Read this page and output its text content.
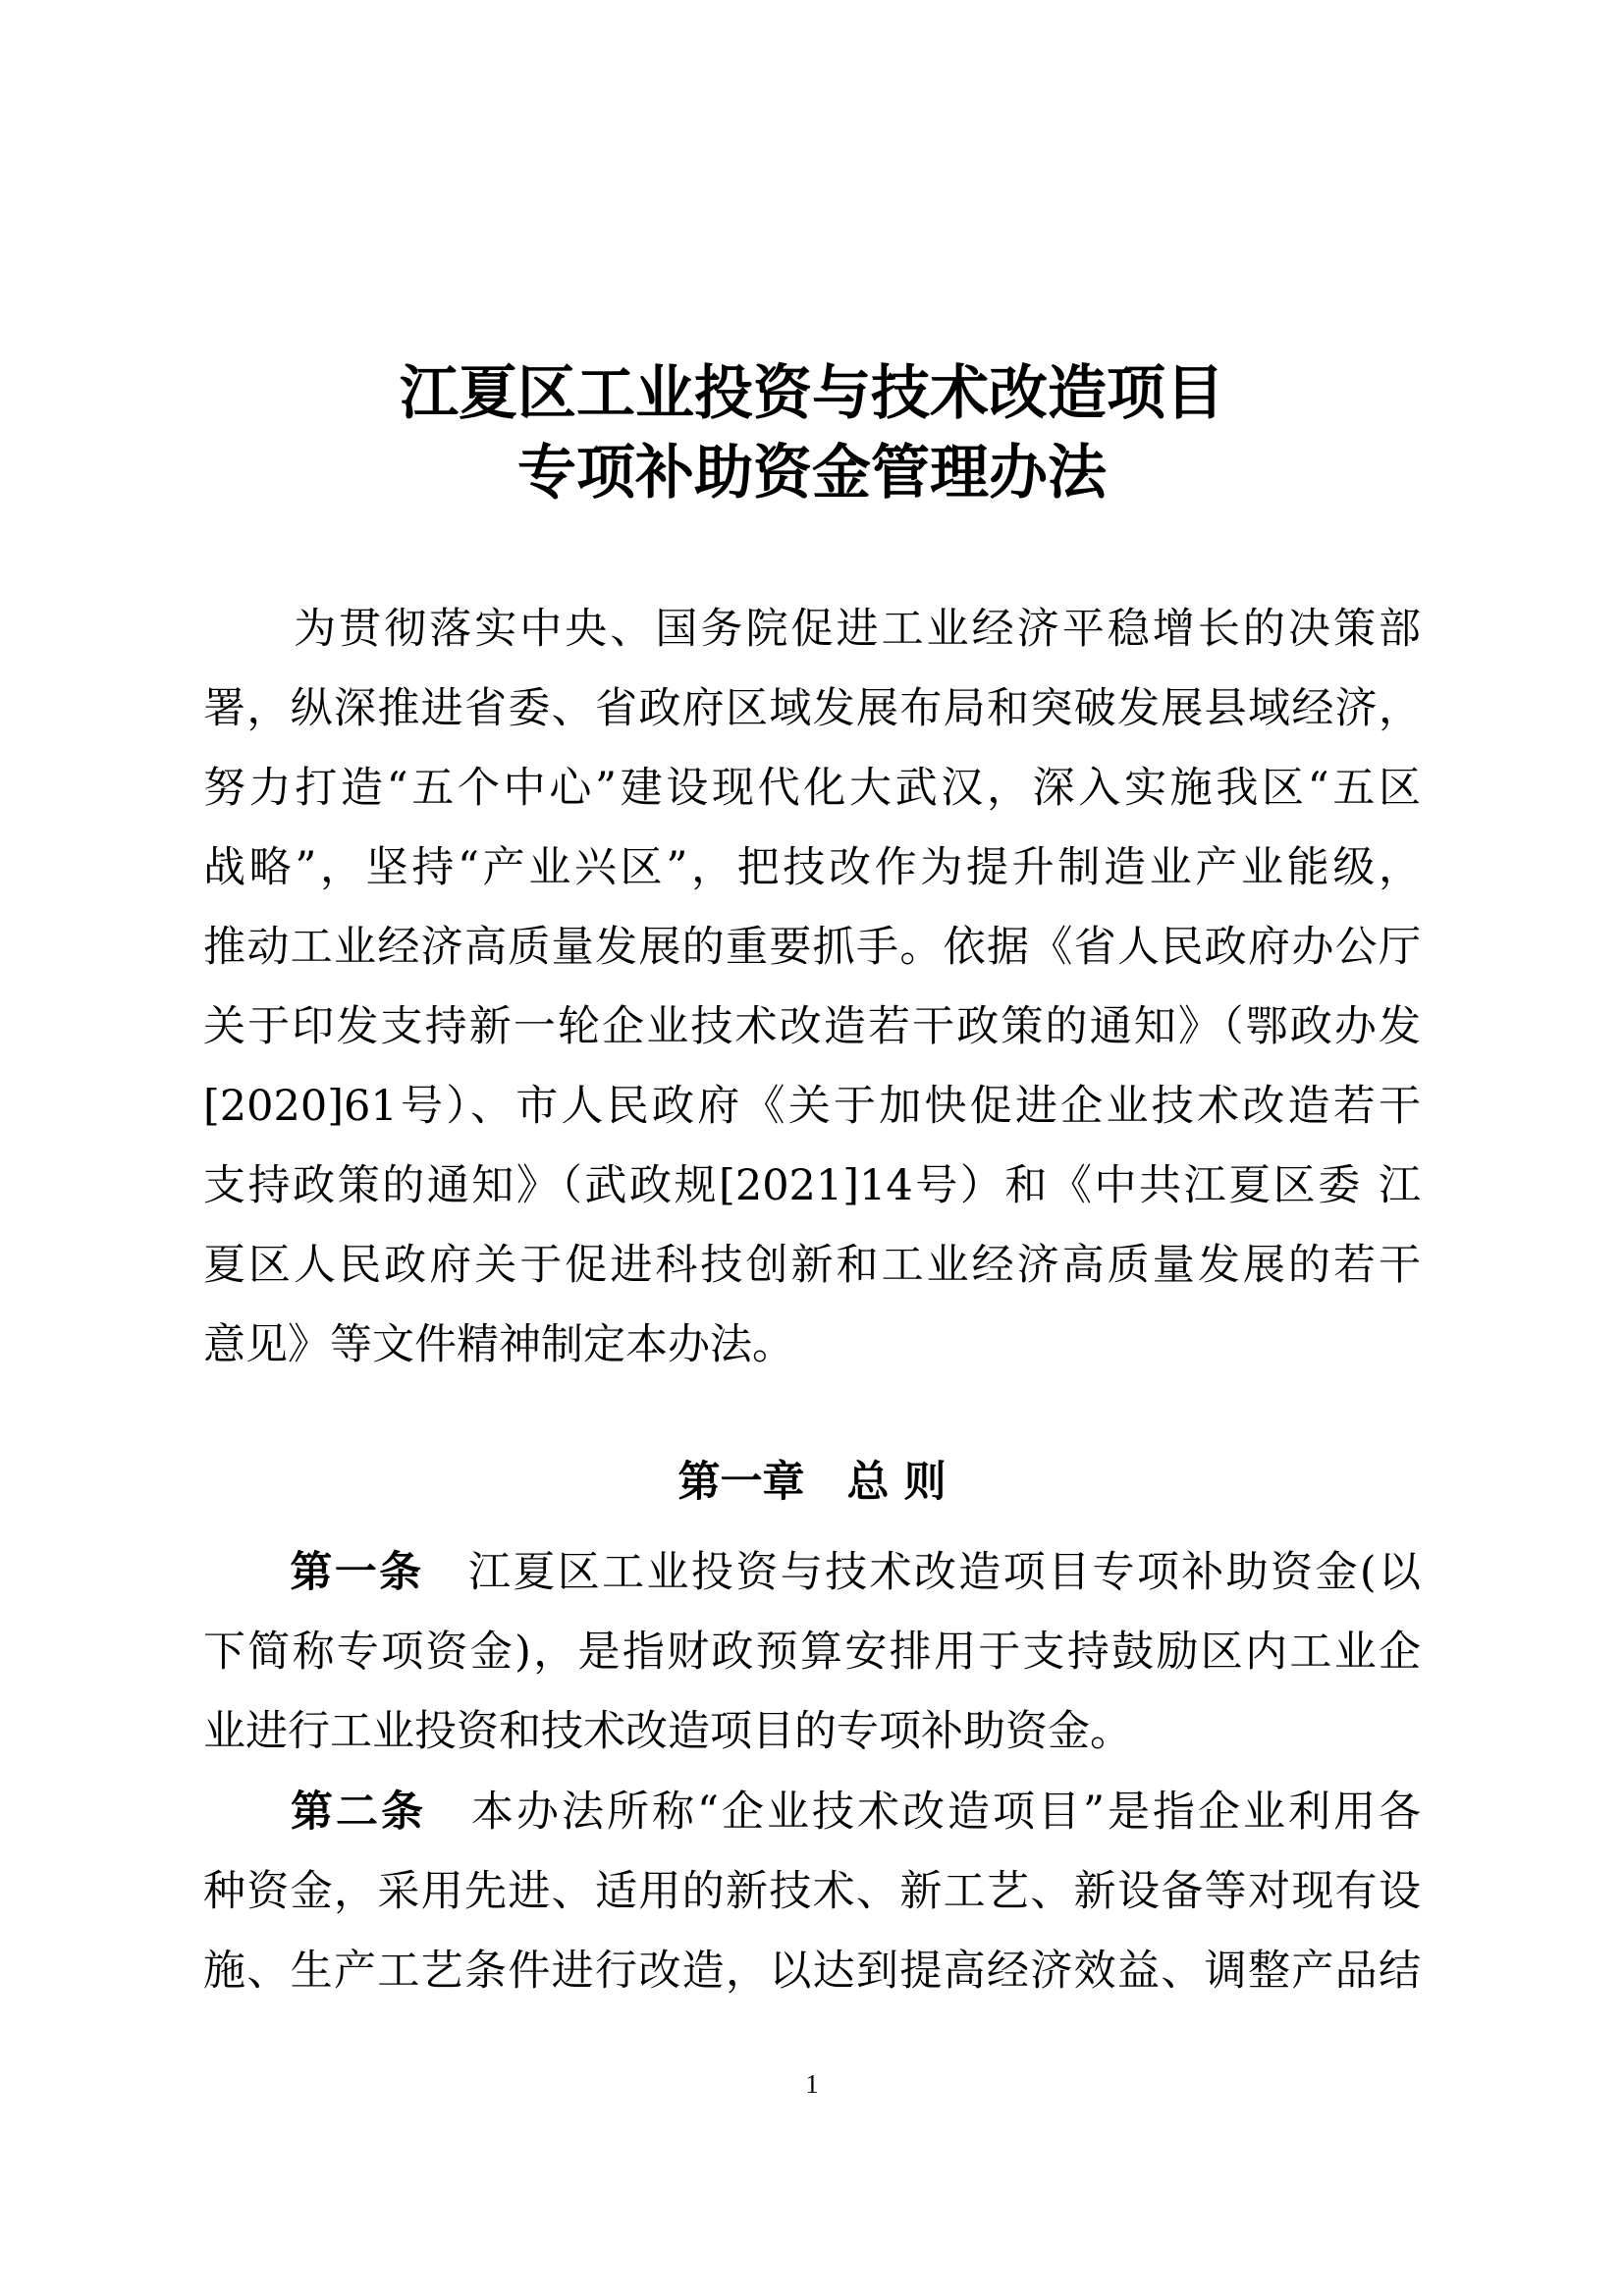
江夏区工业投资与技术改造项目
专项补助资金管理办法
　　为贯彻落实中央、国务院促进工业经济平稳增长的决策部
署，纵深推进省委、省政府区域发展布局和突破发展县域经济，
努力打造“五个中心”建设现代化大武汉，深入实施我区“五区
战略”，坚持“产业兴区”，把技改作为提升制造业产业能级，
推动工业经济高质量发展的重要抓手。依据《省人民政府办公厅
关于印发支持新一轮企业技术改造若干政策的通知》（鄂政办发
[2020]61号）、市人民政府《关于加快促进企业技术改造若干
支持政策的通知》（武政规[2021]14号）和《中共江夏区委 江
夏区人民政府关于促进科技创新和工业经济高质量发展的若干
意见》等文件精神制定本办法。
第一章　总 则
第一条　江夏区工业投资与技术改造项目专项补助资金(以
下简称专项资金)，是指财政预算安排用于支持鼓励区内工业企
业进行工业投资和技术改造项目的专项补助资金。
第二条　本办法所称“企业技术改造项目”是指企业利用各
种资金，采用先进、适用的新技术、新工艺、新设备等对现有设
施、生产工艺条件进行改造，以达到提高经济效益、调整产品结
1
